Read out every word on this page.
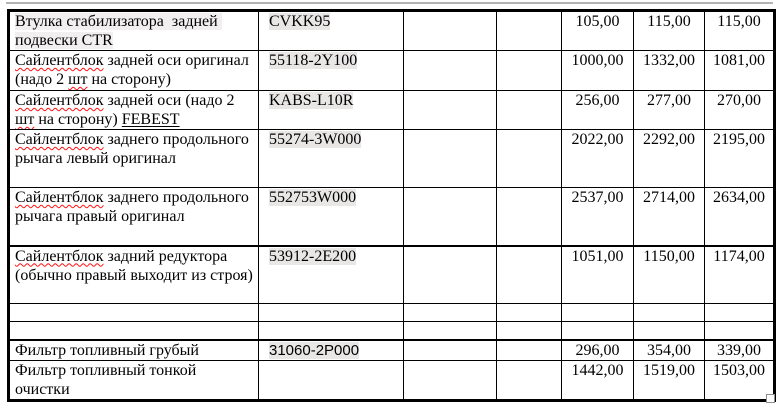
Втулка стабилизатора  задней подвески CTR	CVKK95			105,00	115,00	115,00
Сайлентблок задней оси оригинал (надо 2 шт на сторону)	55118-2Y100			1000,00	1332,00	1081,00
Сайлентблок задней оси (надо 2 шт на сторону) FEBEST	KABS-L10R			256,00	277,00	270,00
Сайлентблок заднего продольного рычага левый оригинал	55274-3W000			2022,00	2292,00	2195,00
Сайлентблок заднего продольного рычага правый оригинал	552753W000			2537,00	2714,00	2634,00
Сайлентблок задний редуктора (обычно правый выходит из строя)	53912-2E200			1051,00	1150,00	1174,00

Фильтр топливный грубый	31060-2P000			296,00	354,00	339,00
Фильтр топливный тонкой очистки				1442,00	1519,00	1503,00
